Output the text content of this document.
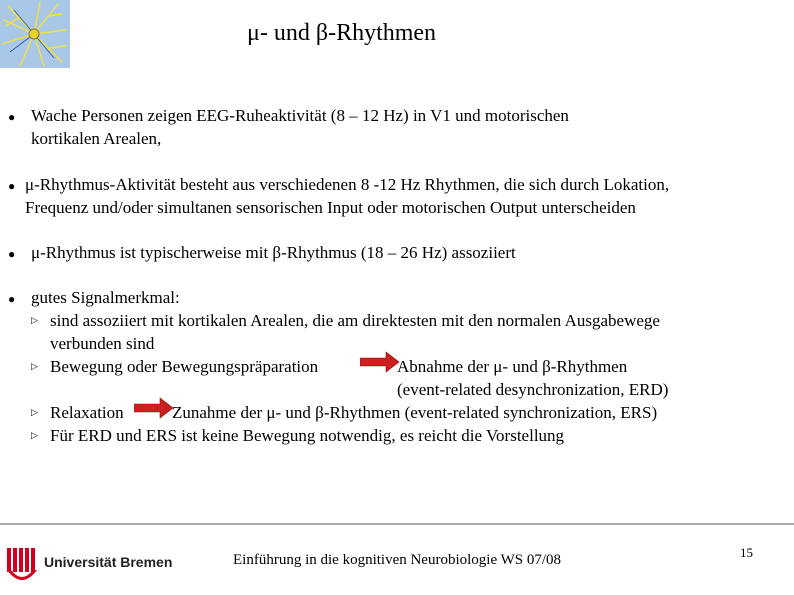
μ- und β-Rhythmen
● Wache Personen zeigen EEG-Ruheaktivität (8 – 12 Hz) in V1 und motorischen
kortikalen Arealen,
● μ-Rhythmus-Aktivität besteht aus verschiedenen 8 -12 Hz Rhythmen, die sich durch Lokation,
Frequenz und/oder simultanen sensorischen Input oder motorischen Output unterscheiden
● μ-Rhythmus ist typischerweise mit β-Rhythmus (18 – 26 Hz) assoziiert
● gutes Signalmerkmal:
▷ sind assoziiert mit kortikalen Arealen, die am direktesten mit den normalen Ausgabewege
verbunden sind
▷ Bewegung oder Bewegungspräparation	Abnahme der μ- und β-Rhythmen
(event-related desynchronization, ERD)
▷ Relaxation	Zunahme der μ- und β-Rhythmen (event-related synchronization, ERS)
▷ Für ERD und ERS ist keine Bewegung notwendig, es reicht die Vorstellung
Universität Bremen	Einführung in die kognitiven Neurobiologie WS 07/08	15
